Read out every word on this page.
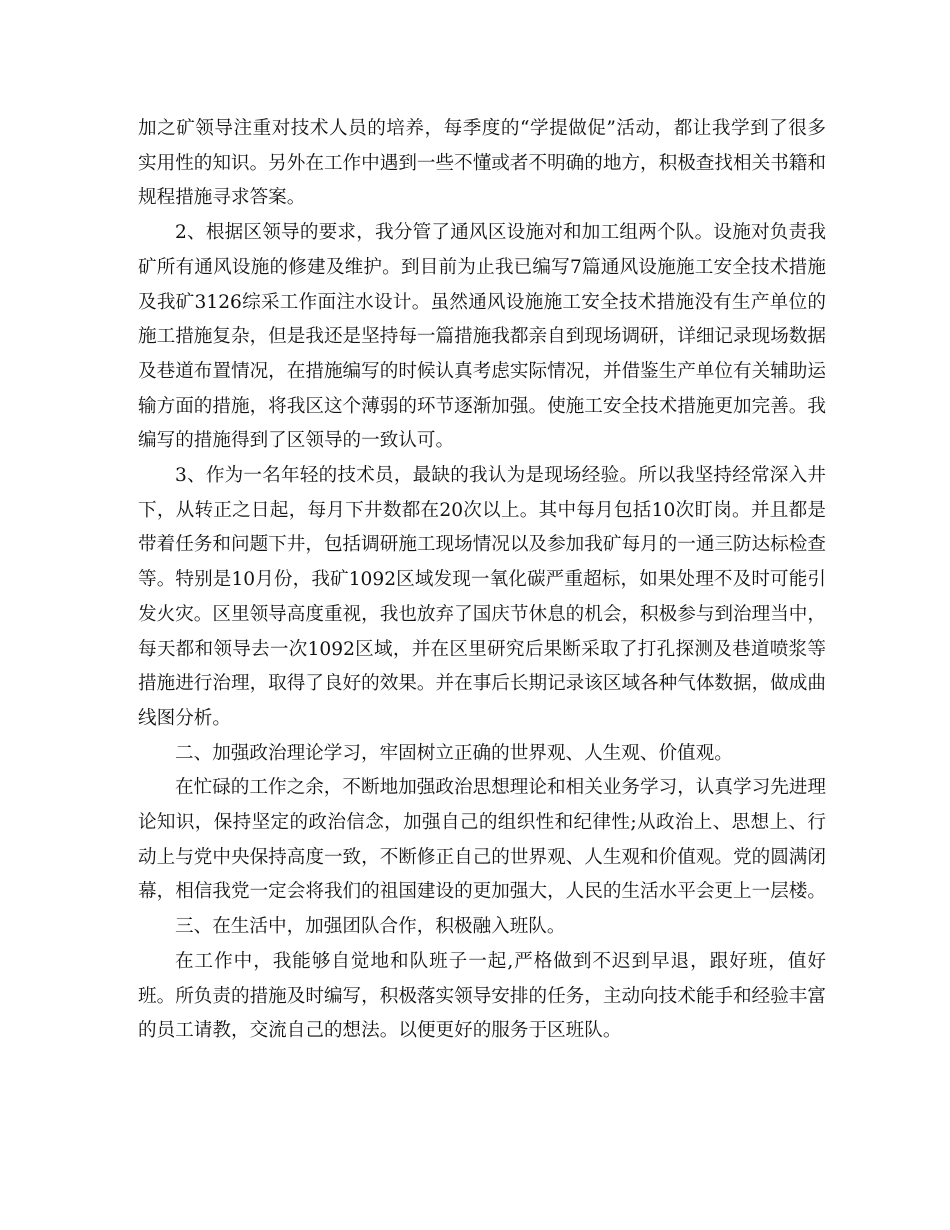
加之矿领导注重对技术人员的培养，每季度的“学提做促”活动，都让我学到了很多实用性的知识。另外在工作中遇到一些不懂或者不明确的地方，积极查找相关书籍和规程措施寻求答案。

2、根据区领导的要求，我分管了通风区设施对和加工组两个队。设施对负责我矿所有通风设施的修建及维护。到目前为止我已编写7篇通风设施施工安全技术措施及我矿3126综采工作面注水设计。虽然通风设施施工安全技术措施没有生产单位的施工措施复杂，但是我还是坚持每一篇措施我都亲自到现场调研，详细记录现场数据及巷道布置情况，在措施编写的时候认真考虑实际情况，并借鉴生产单位有关辅助运输方面的措施，将我区这个薄弱的环节逐渐加强。使施工安全技术措施更加完善。我编写的措施得到了区领导的一致认可。

3、作为一名年轻的技术员，最缺的我认为是现场经验。所以我坚持经常深入井下，从转正之日起，每月下井数都在20次以上。其中每月包括10次盯岗。并且都是带着任务和问题下井，包括调研施工现场情况以及参加我矿每月的一通三防达标检查等。特别是10月份，我矿1092区域发现一氧化碳严重超标，如果处理不及时可能引发火灾。区里领导高度重视，我也放弃了国庆节休息的机会，积极参与到治理当中，每天都和领导去一次1092区域，并在区里研究后果断采取了打孔探测及巷道喷浆等措施进行治理，取得了良好的效果。并在事后长期记录该区域各种气体数据，做成曲线图分析。

二、加强政治理论学习，牢固树立正确的世界观、人生观、价值观。

在忙碌的工作之余，不断地加强政治思想理论和相关业务学习，认真学习先进理论知识，保持坚定的政治信念，加强自己的组织性和纪律性;从政治上、思想上、行动上与党中央保持高度一致，不断修正自己的世界观、人生观和价值观。党的圆满闭幕，相信我党一定会将我们的祖国建设的更加强大，人民的生活水平会更上一层楼。

三、在生活中，加强团队合作，积极融入班队。

在工作中，我能够自觉地和队班子一起,严格做到不迟到早退，跟好班，值好班。所负责的措施及时编写，积极落实领导安排的任务，主动向技术能手和经验丰富的员工请教，交流自己的想法。以便更好的服务于区班队。
